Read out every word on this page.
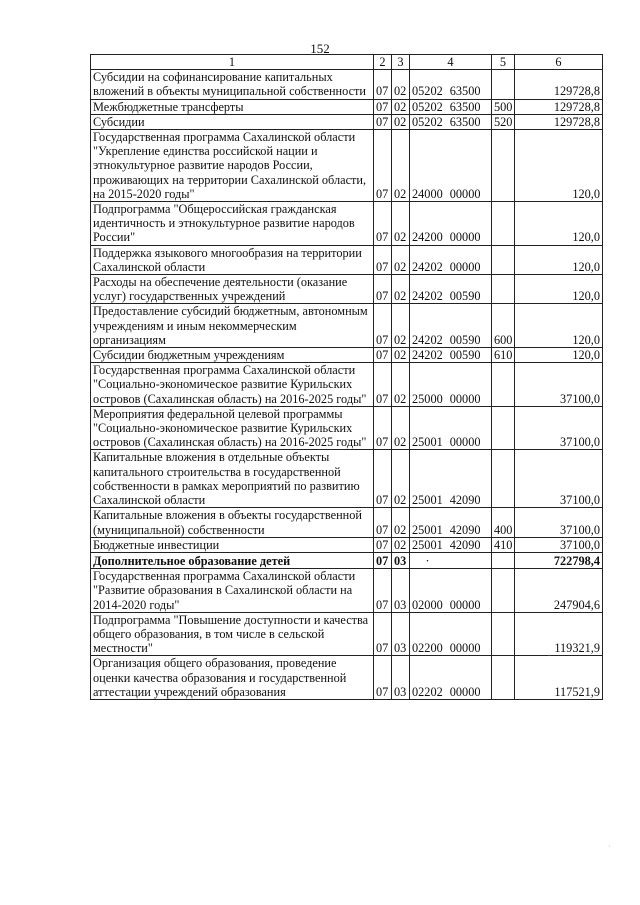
152
1	2	3	4	5	6
Субсидии на софинансирование капитальных вложений в объекты муниципальной собственности	07	02	05202 63500		129728,8
Межбюджетные трансферты	07	02	05202 63500	500	129728,8
Субсидии	07	02	05202 63500	520	129728,8
Государственная программа Сахалинской области "Укрепление единства российской нации и этнокультурное развитие народов России, проживающих на территории Сахалинской области, на 2015-2020 годы"	07	02	24000 00000		120,0
Подпрограмма "Общероссийская гражданская идентичность и этнокультурное развитие народов России"	07	02	24200 00000		120,0
Поддержка языкового многообразия на территории Сахалинской области	07	02	24202 00000		120,0
Расходы на обеспечение деятельности (оказание услуг) государственных учреждений	07	02	24202 00590		120,0
Предоставление субсидий бюджетным, автономным учреждениям и иным некоммерческим организациям	07	02	24202 00590	600	120,0
Субсидии бюджетным учреждениям	07	02	24202 00590	610	120,0
Государственная программа Сахалинской области "Социально-экономическое развитие Курильских островов (Сахалинская область) на 2016-2025 годы"	07	02	25000 00000		37100,0
Мероприятия федеральной целевой программы "Социально-экономическое развитие Курильских островов (Сахалинская область) на 2016-2025 годы"	07	02	25001 00000		37100,0
Капитальные вложения в отдельные объекты капитального строительства в государственной собственности в рамках мероприятий по развитию Сахалинской области	07	02	25001 42090		37100,0
Капитальные вложения в объекты государственной (муниципальной) собственности	07	02	25001 42090	400	37100,0
Бюджетные инвестиции	07	02	25001 42090	410	37100,0
Дополнительное образование детей	07	03	·		722798,4
Государственная программа Сахалинской области "Развитие образования в Сахалинской области на 2014-2020 годы"	07	03	02000 00000		247904,6
Подпрограмма "Повышение доступности и качества общего образования, в том числе в сельской местности"	07	03	02200 00000		119321,9
Организация общего образования, проведение оценки качества образования и государственной аттестации учреждений образования	07	03	02202 00000		117521,9
·
·
